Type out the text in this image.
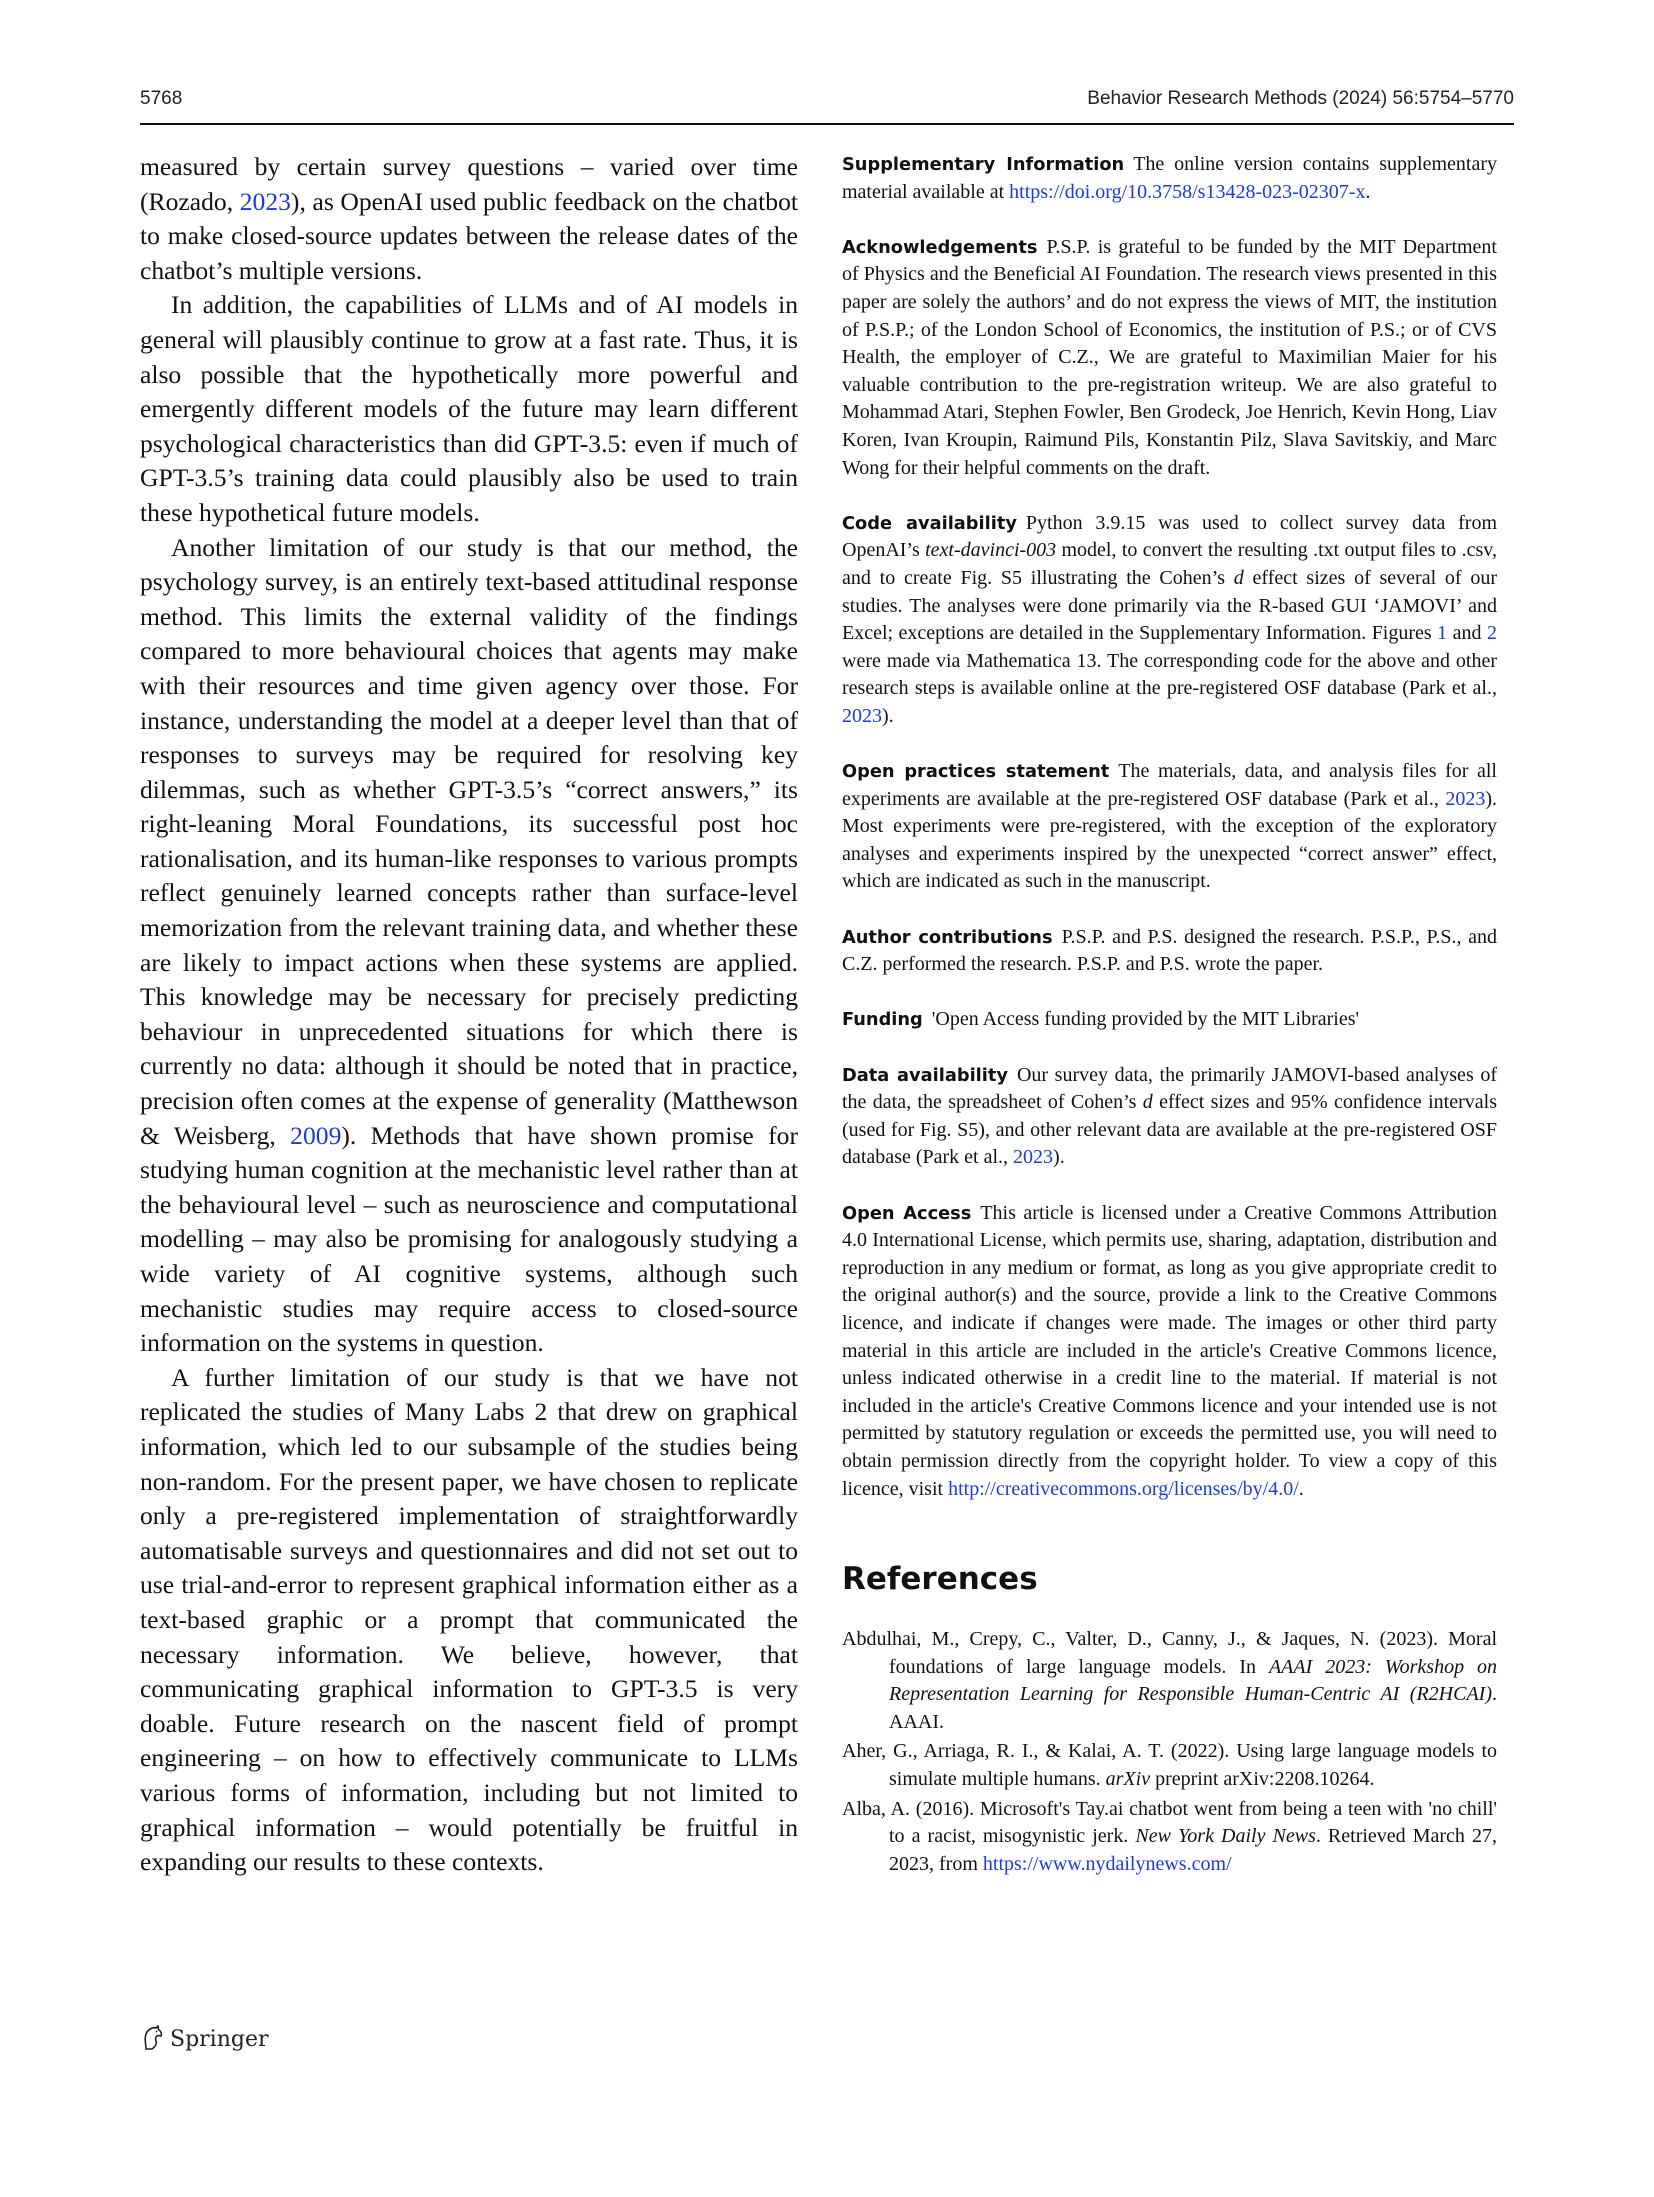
5768	Behavior Research Methods (2024) 56:5754–5770

measured by certain survey questions – varied over time (Rozado, 2023), as OpenAI used public feedback on the chatbot to make closed-source updates between the release dates of the chatbot’s multiple versions.

In addition, the capabilities of LLMs and of AI models in general will plausibly continue to grow at a fast rate. Thus, it is also possible that the hypothetically more powerful and emergently different models of the future may learn different psychological characteristics than did GPT-3.5: even if much of GPT-3.5’s training data could plausibly also be used to train these hypothetical future models.

Another limitation of our study is that our method, the psychology survey, is an entirely text-based attitudinal response method. This limits the external validity of the findings compared to more behavioural choices that agents may make with their resources and time given agency over those. For instance, understanding the model at a deeper level than that of responses to surveys may be required for resolving key dilemmas, such as whether GPT-3.5’s “correct answers,” its right-leaning Moral Foundations, its successful post hoc rationalisation, and its human-like responses to various prompts reflect genuinely learned concepts rather than surface-level memorization from the relevant training data, and whether these are likely to impact actions when these systems are applied. This knowledge may be necessary for precisely predicting behaviour in unprecedented situations for which there is currently no data: although it should be noted that in practice, precision often comes at the expense of generality (Matthewson & Weisberg, 2009). Methods that have shown promise for studying human cognition at the mechanistic level rather than at the behavioural level – such as neuroscience and computational modelling – may also be promising for analogously studying a wide variety of AI cognitive systems, although such mechanistic studies may require access to closed-source information on the systems in question.

A further limitation of our study is that we have not replicated the studies of Many Labs 2 that drew on graphical information, which led to our subsample of the studies being non-random. For the present paper, we have chosen to replicate only a pre-registered implementation of straightforwardly automatisable surveys and questionnaires and did not set out to use trial-and-error to represent graphical information either as a text-based graphic or a prompt that communicated the necessary information. We believe, however, that communicating graphical information to GPT-3.5 is very doable. Future research on the nascent field of prompt engineering – on how to effectively communicate to LLMs various forms of information, including but not limited to graphical information – would potentially be fruitful in expanding our results to these contexts.

Supplementary Information The online version contains supplementary material available at https://doi.org/10.3758/s13428-023-02307-x.
Acknowledgements P.S.P. is grateful to be funded by the MIT Department of Physics and the Beneficial AI Foundation. The research views presented in this paper are solely the authors’ and do not express the views of MIT, the institution of P.S.P.; of the London School of Economics, the institution of P.S.; or of CVS Health, the employer of C.Z., We are grateful to Maximilian Maier for his valuable contribution to the pre-registration writeup. We are also grateful to Mohammad Atari, Stephen Fowler, Ben Grodeck, Joe Henrich, Kevin Hong, Liav Koren, Ivan Kroupin, Raimund Pils, Konstantin Pilz, Slava Savitskiy, and Marc Wong for their helpful comments on the draft.
Code availability Python 3.9.15 was used to collect survey data from OpenAI’s text-davinci-003 model, to convert the resulting .txt output files to .csv, and to create Fig. S5 illustrating the Cohen’s d effect sizes of several of our studies. The analyses were done primarily via the R-based GUI ‘JAMOVI’ and Excel; exceptions are detailed in the Supplementary Information. Figures 1 and 2 were made via Mathematica 13. The corresponding code for the above and other research steps is available online at the pre-registered OSF database (Park et al., 2023).
Open practices statement The materials, data, and analysis files for all experiments are available at the pre-registered OSF database (Park et al., 2023). Most experiments were pre-registered, with the exception of the exploratory analyses and experiments inspired by the unexpected “correct answer” effect, which are indicated as such in the manuscript.
Author contributions P.S.P. and P.S. designed the research. P.S.P., P.S., and C.Z. performed the research. P.S.P. and P.S. wrote the paper.
Funding 'Open Access funding provided by the MIT Libraries'
Data availability Our survey data, the primarily JAMOVI-based analyses of the data, the spreadsheet of Cohen’s d effect sizes and 95% confidence intervals (used for Fig. S5), and other relevant data are available at the pre-registered OSF database (Park et al., 2023).
Open Access This article is licensed under a Creative Commons Attribution 4.0 International License, which permits use, sharing, adaptation, distribution and reproduction in any medium or format, as long as you give appropriate credit to the original author(s) and the source, provide a link to the Creative Commons licence, and indicate if changes were made. The images or other third party material in this article are included in the article's Creative Commons licence, unless indicated otherwise in a credit line to the material. If material is not included in the article's Creative Commons licence and your intended use is not permitted by statutory regulation or exceeds the permitted use, you will need to obtain permission directly from the copyright holder. To view a copy of this licence, visit http://creativecommons.org/licenses/by/4.0/.
References
Abdulhai, M., Crepy, C., Valter, D., Canny, J., & Jaques, N. (2023). Moral foundations of large language models. In AAAI 2023: Workshop on Representation Learning for Responsible Human-Centric AI (R2HCAI). AAAI.
Aher, G., Arriaga, R. I., & Kalai, A. T. (2022). Using large language models to simulate multiple humans. arXiv preprint arXiv:2208.10264.
Alba, A. (2016). Microsoft's Tay.ai chatbot went from being a teen with 'no chill' to a racist, misogynistic jerk. New York Daily News. Retrieved March 27, 2023, from https://www.nydailynews.com/
Springer
